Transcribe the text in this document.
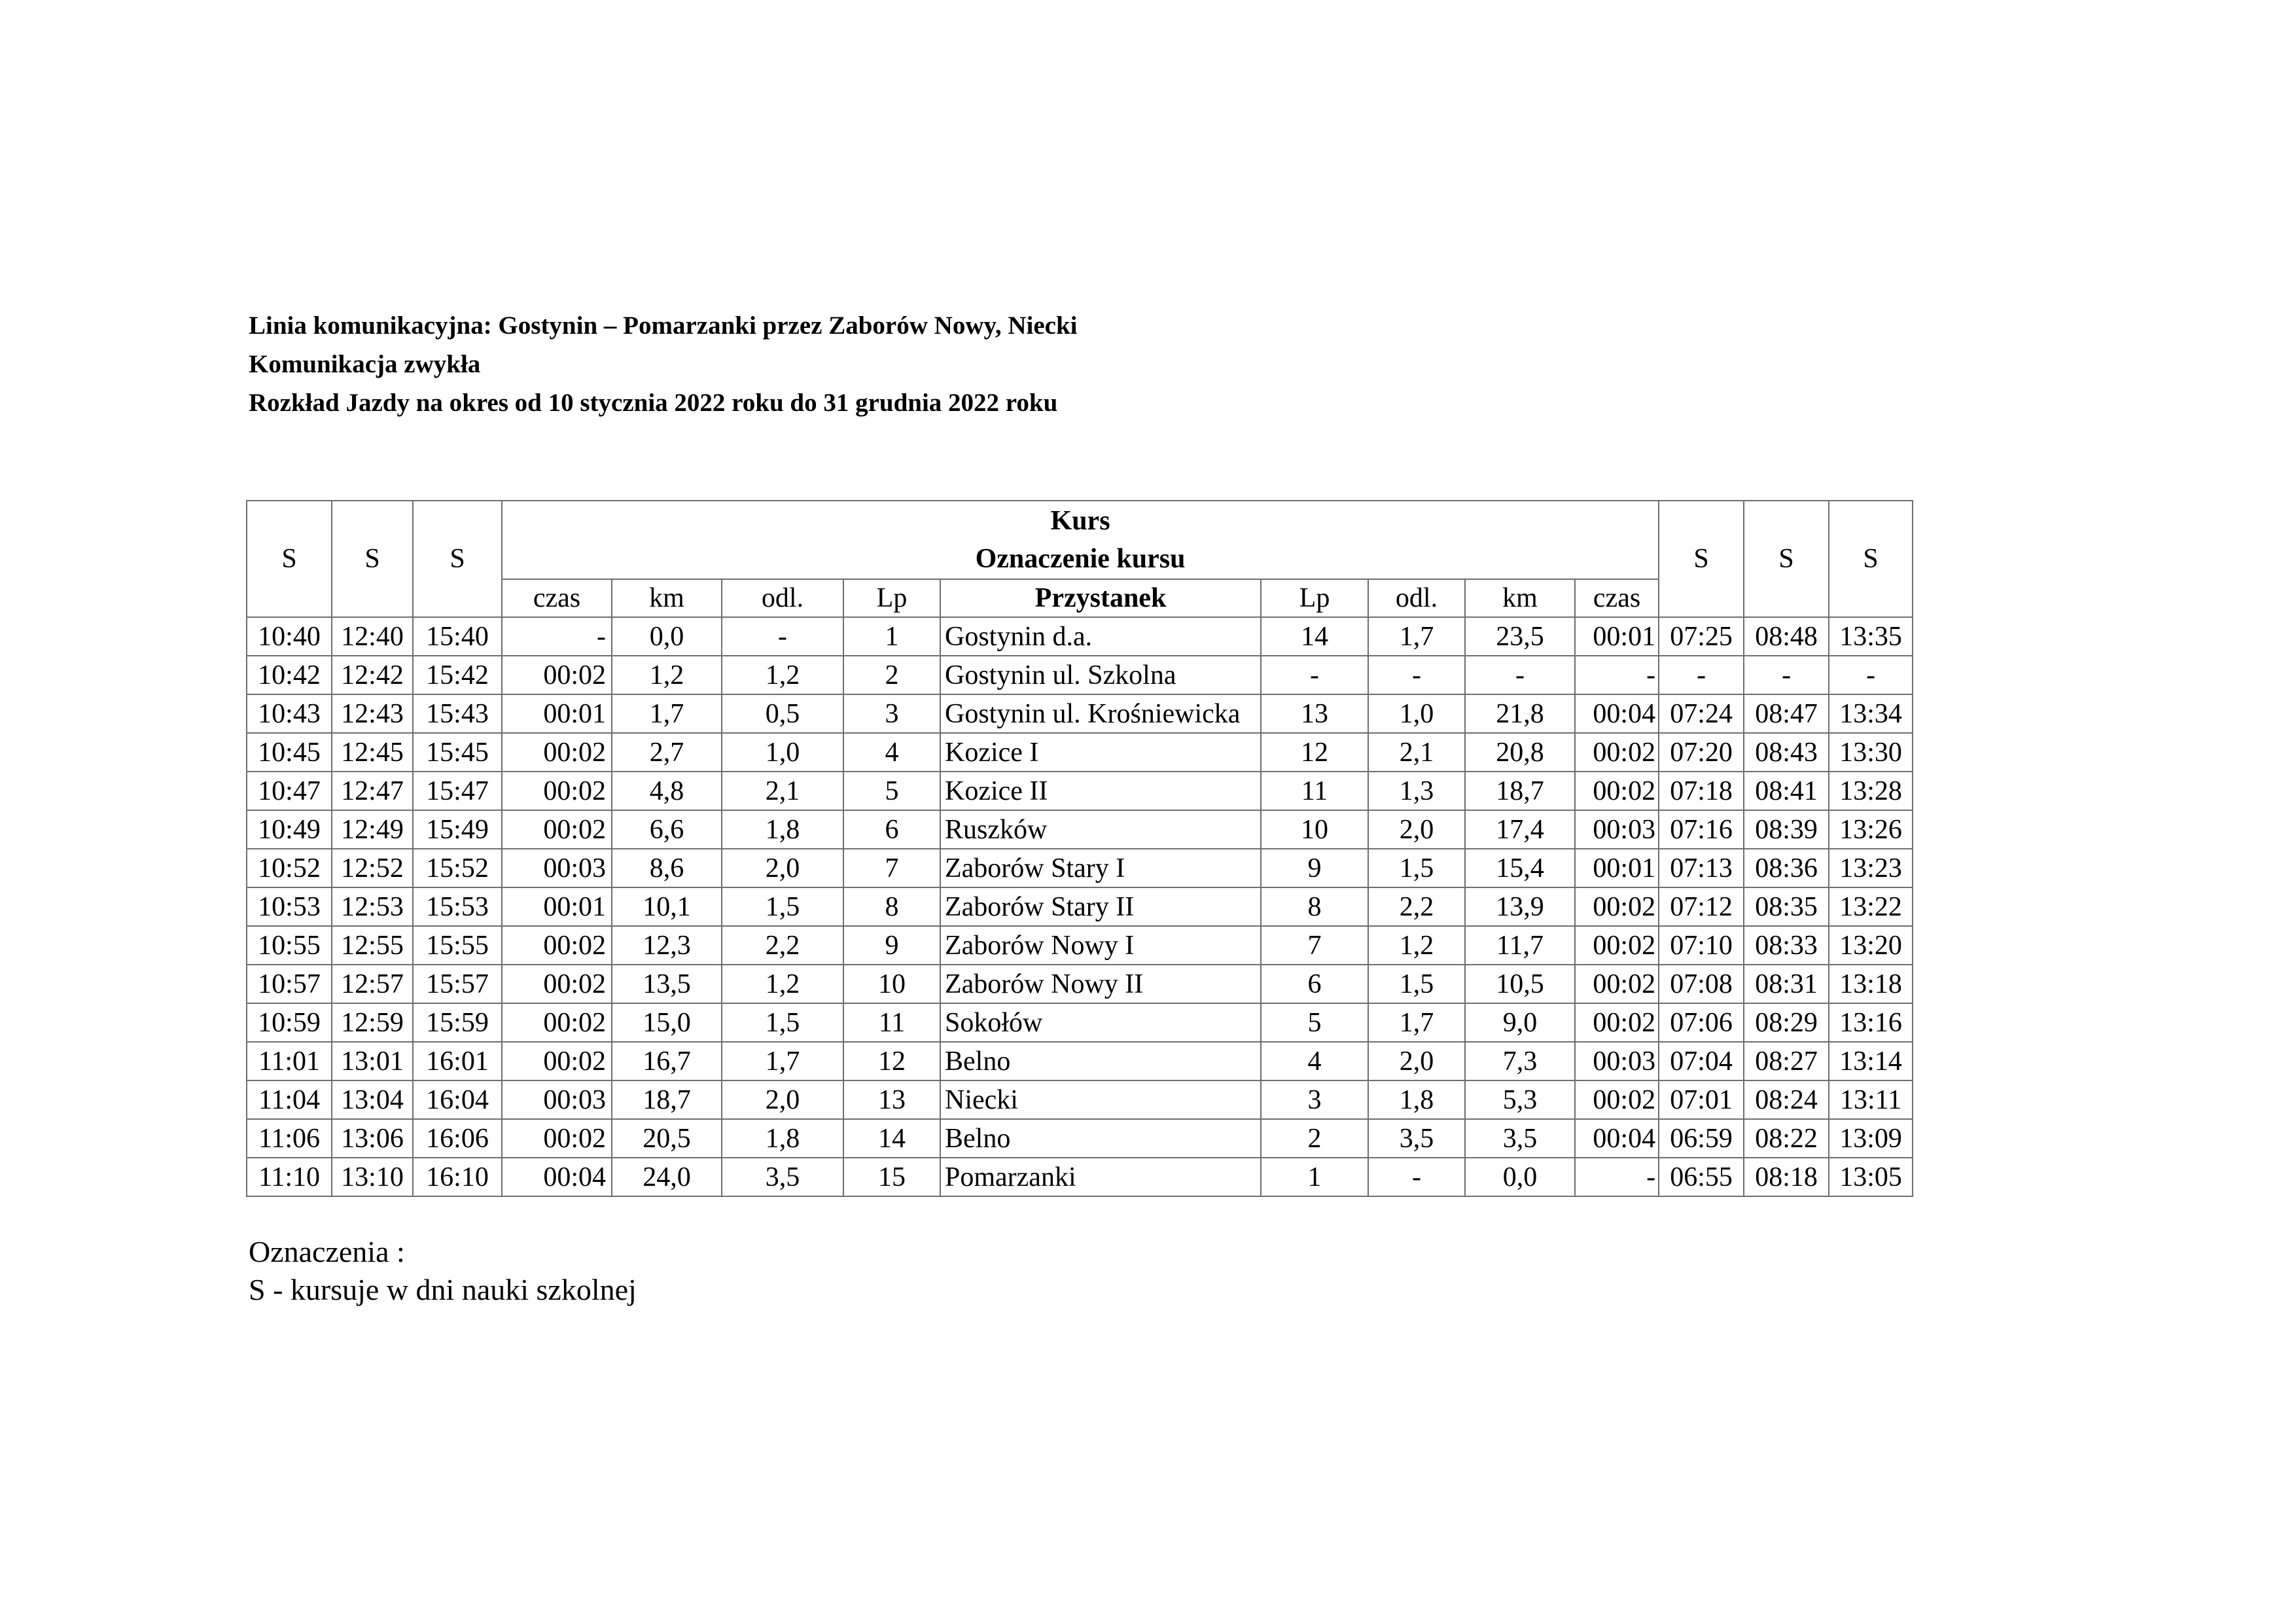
Linia komunikacyjna: Gostynin – Pomarzanki przez Zaborów Nowy, Niecki
Komunikacja zwykła
Rozkład Jazdy na okres od 10 stycznia 2022 roku do 31 grudnia 2022 roku
S	S	S	Kurs
Oznaczenie kursu									S	S	S
			czas	km	odl.	Lp	Przystanek	Lp	odl.	km	czas			
10:40	12:40	15:40	-	0,0	-	1	Gostynin d.a.	14	1,7	23,5	00:01	07:25	08:48	13:35
10:42	12:42	15:42	00:02	1,2	1,2	2	Gostynin ul. Szkolna	-	-	-	-	-	-	-
10:43	12:43	15:43	00:01	1,7	0,5	3	Gostynin ul. Krośniewicka	13	1,0	21,8	00:04	07:24	08:47	13:34
10:45	12:45	15:45	00:02	2,7	1,0	4	Kozice I	12	2,1	20,8	00:02	07:20	08:43	13:30
10:47	12:47	15:47	00:02	4,8	2,1	5	Kozice II	11	1,3	18,7	00:02	07:18	08:41	13:28
10:49	12:49	15:49	00:02	6,6	1,8	6	Ruszków	10	2,0	17,4	00:03	07:16	08:39	13:26
10:52	12:52	15:52	00:03	8,6	2,0	7	Zaborów Stary I	9	1,5	15,4	00:01	07:13	08:36	13:23
10:53	12:53	15:53	00:01	10,1	1,5	8	Zaborów Stary II	8	2,2	13,9	00:02	07:12	08:35	13:22
10:55	12:55	15:55	00:02	12,3	2,2	9	Zaborów Nowy I	7	1,2	11,7	00:02	07:10	08:33	13:20
10:57	12:57	15:57	00:02	13,5	1,2	10	Zaborów Nowy II	6	1,5	10,5	00:02	07:08	08:31	13:18
10:59	12:59	15:59	00:02	15,0	1,5	11	Sokołów	5	1,7	9,0	00:02	07:06	08:29	13:16
11:01	13:01	16:01	00:02	16,7	1,7	12	Belno	4	2,0	7,3	00:03	07:04	08:27	13:14
11:04	13:04	16:04	00:03	18,7	2,0	13	Niecki	3	1,8	5,3	00:02	07:01	08:24	13:11
11:06	13:06	16:06	00:02	20,5	1,8	14	Belno	2	3,5	3,5	00:04	06:59	08:22	13:09
11:10	13:10	16:10	00:04	24,0	3,5	15	Pomarzanki	1	-	0,0	-	06:55	08:18	13:05
Oznaczenia :
S - kursuje w dni nauki szkolnej
